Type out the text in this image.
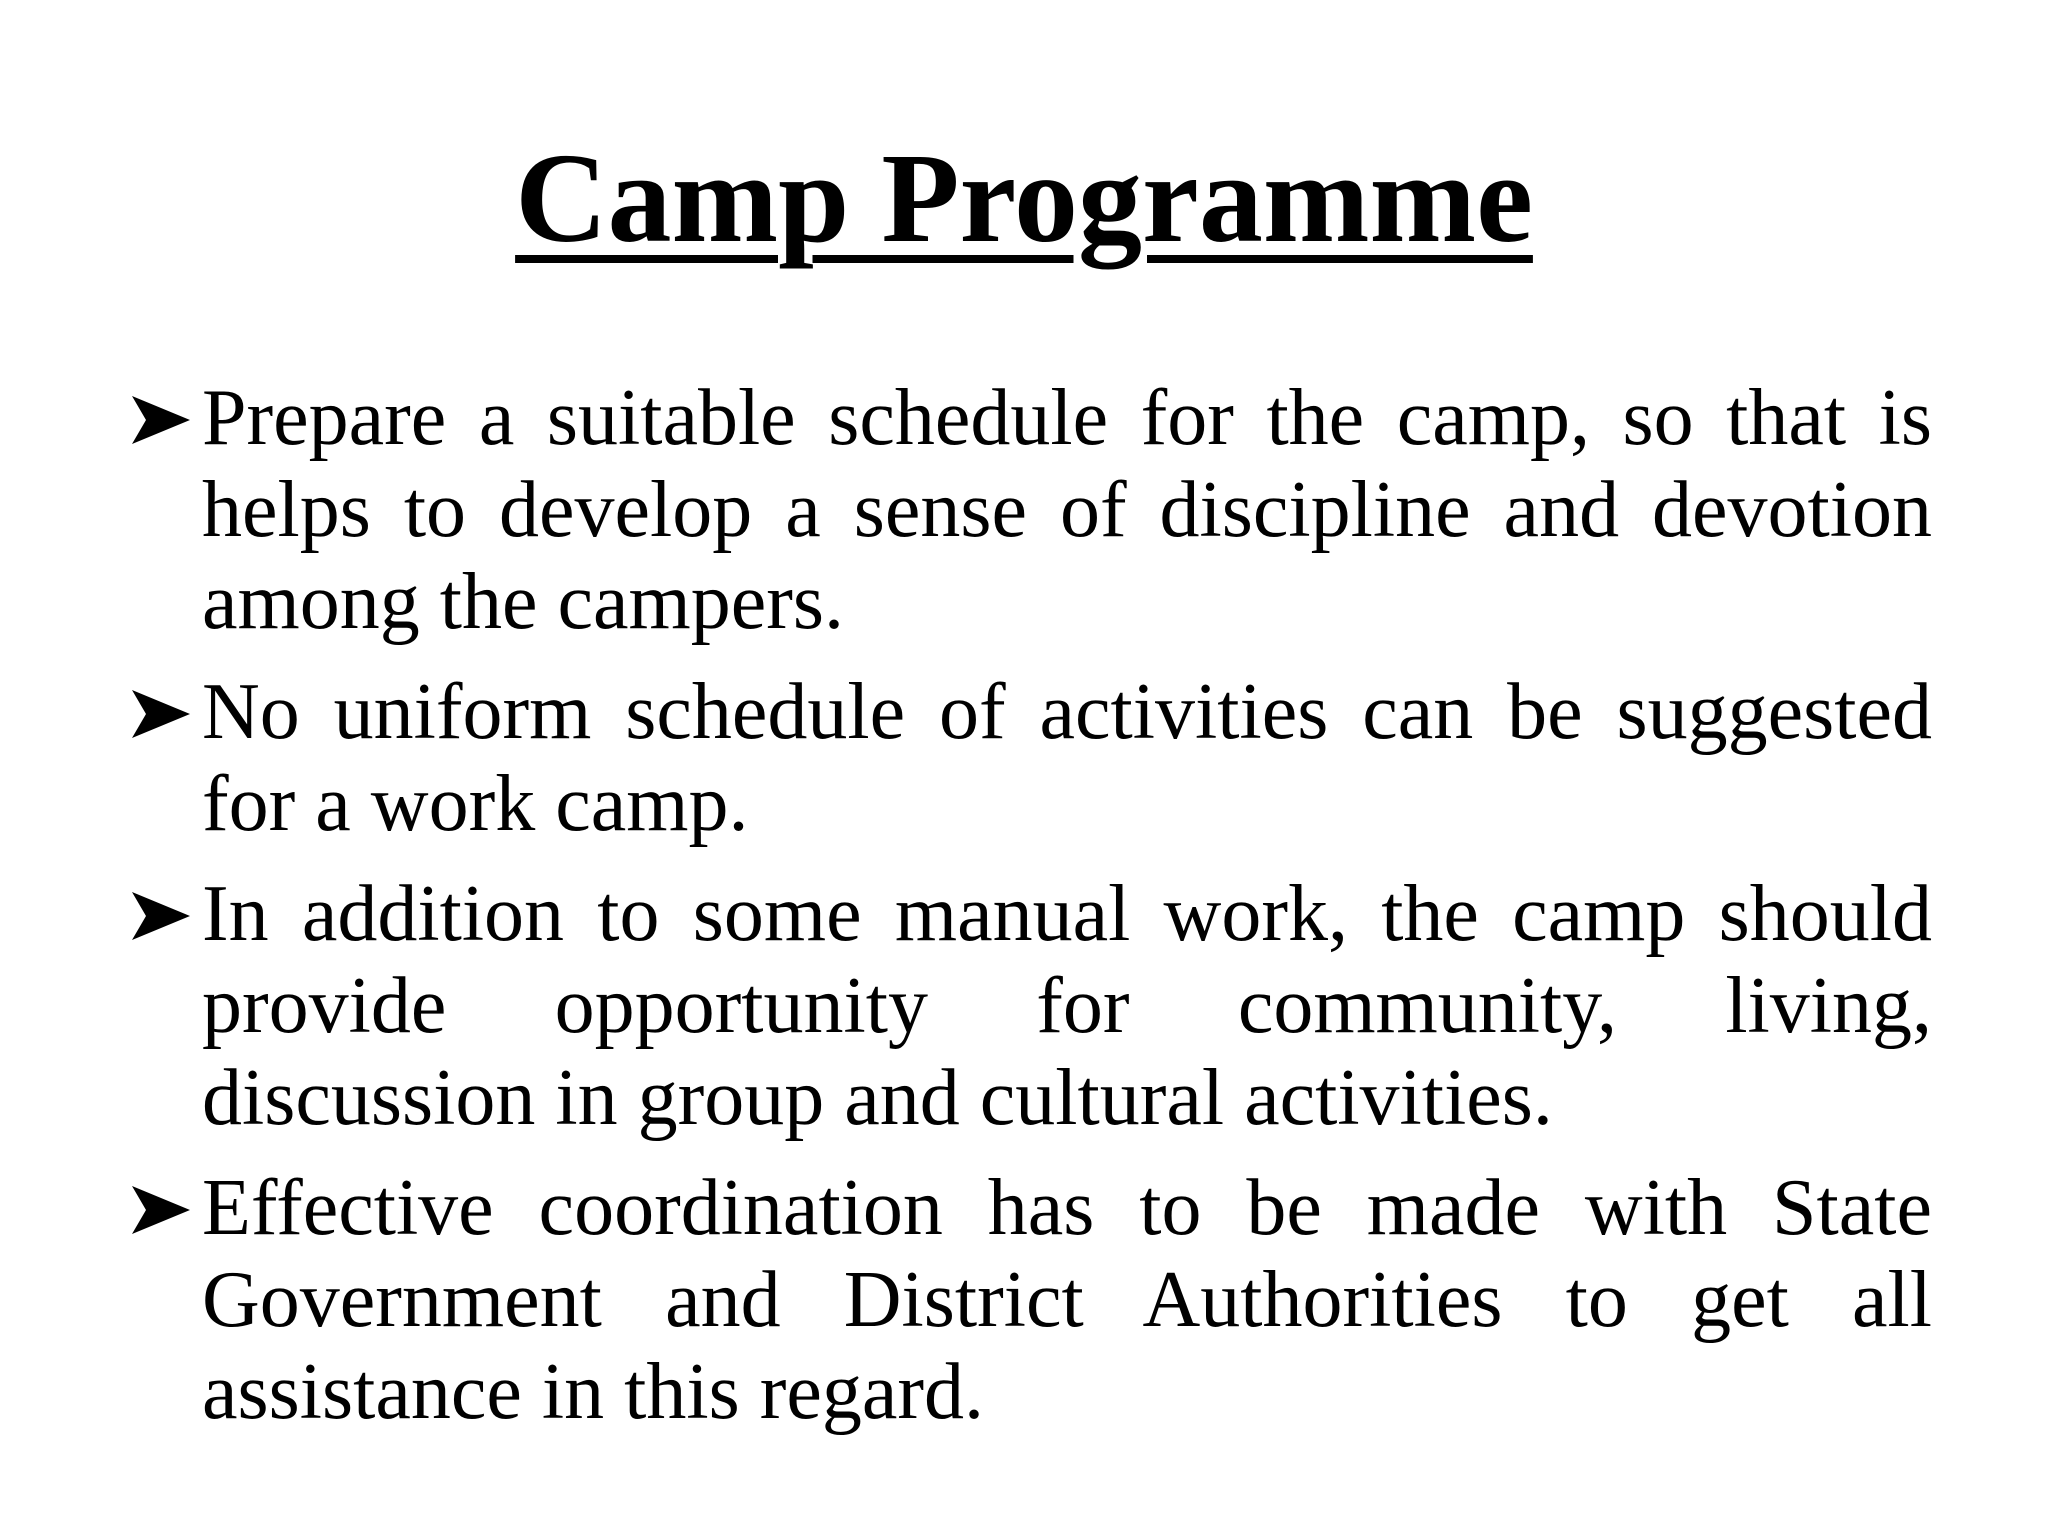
Camp Programme
Prepare a suitable schedule for the camp, so that is helps to develop a sense of discipline and devotion among the campers.
No uniform schedule of activities can be suggested for a work camp.
In addition to some manual work, the camp should provide opportunity for community, living, discussion in group and cultural activities.
Effective coordination has to be made with State Government and District Authorities to get all assistance in this regard.
